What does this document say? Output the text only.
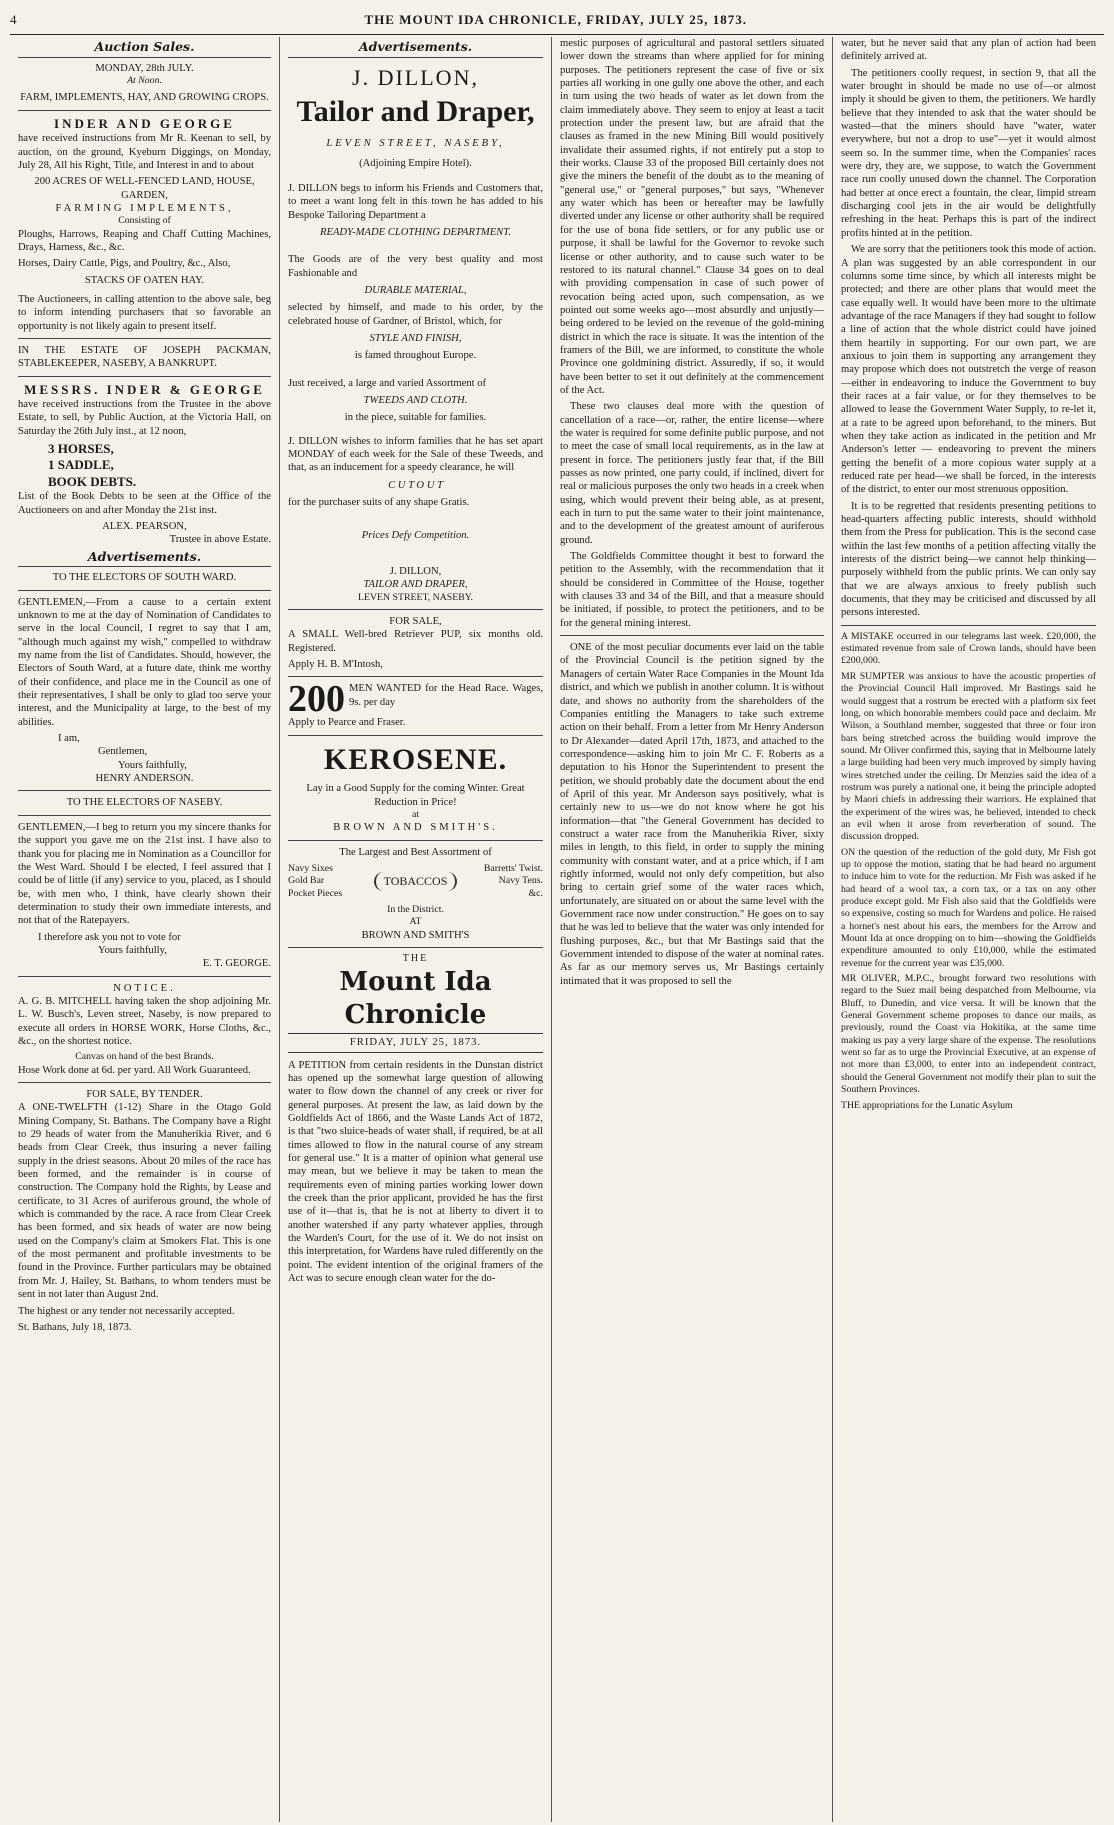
4	THE MOUNT IDA CHRONICLE, FRIDAY, JULY 25, 1873.
Auction Sales.
MONDAY, 28th JULY.
At Noon.
FARM, IMPLEMENTS, HAY, AND GROWING CROPS.
INDER AND GEORGE

have received instructions from Mr R. Keenan to sell, by auction, on the ground, Kyeburn Diggings, on Monday, July 28, All his Right, Title, and Interest in and to about

200 ACRES OF WELL-FENCED LAND, HOUSE, GARDEN,
FARMING IMPLEMENTS,
Consisting of

Ploughs, Harrows, Reaping and Chaff Cutting Machines, Drays, Harness, &c., &c.

Horses, Dairy Cattle, Pigs, and Poultry, &c., Also,

STACKS OF OATEN HAY.

The Auctioneers, in calling attention to the above sale, beg to inform intending purchasers that so favorable an opportunity is not likely again to present itself.

IN THE ESTATE OF JOSEPH PACKMAN, STABLEKEEPER, NASEBY, A BANKRUPT.

MESSRS. INDER & GEORGE

have received instructions from the Trustee in the above Estate, to sell, by Public Auction, at the Victoria Hall, on Saturday the 26th July inst., at 12 noon,

3 HORSES,
1 SADDLE,
BOOK DEBTS.

List of the Book Debts to be seen at the Office of the Auctioneers on and after Monday the 21st inst.

ALEX. PEARSON,
Trustee in above Estate.
Advertisements.
TO THE ELECTORS OF SOUTH WARD.

GENTLEMEN,—From a cause to a certain extent unknown to me at the day of Nomination of Candidates to serve in the local Council, I regret to say that I am, "although much against my wish," compelled to withdraw my name from the list of Candidates. Should, however, the Electors of South Ward, at a future date, think me worthy of their confidence, and place me in the Council as one of their representatives, I shall be only to glad too serve your interest, and the Municipality at large, to the best of my abilities.

I am,
Gentlemen,
Yours faithfully,
HENRY ANDERSON.
TO THE ELECTORS OF NASEBY.

GENTLEMEN,—I beg to return you my sincere thanks for the support you gave me on the 21st inst. I have also to thank you for placing me in Nomination as a Councillor for the West Ward. Should I be elected, I feel assured that I could be of little (if any) service to you, placed, as I should be, with men who, I think, have clearly shown their determination to study their own immediate interests, and not that of the Ratepayers.

I therefore ask you not to vote for
Yours faithfully,
E. T. GEORGE.
NOTICE.

A. G. B. MITCHELL having taken the shop adjoining Mr. L. W. Busch's, Leven street, Naseby, is now prepared to execute all orders in HORSE WORK, Horse Cloths, &c., &c., on the shortest notice.

Canvas on hand of the best Brands.

Hose Work done at 6d. per yard. All Work Guaranteed.

FOR SALE, BY TENDER.

A ONE-TWELFTH (1-12) Share in the Otago Gold Mining Company, St. Bathans. The Company have a Right to 29 heads of water from the Manuherikia River, and 6 heads from Clear Creek, thus insuring a never failing supply in the driest seasons. About 20 miles of the race has been formed, and the remainder is in course of construction. The Company hold the Rights, by Lease and certificate, to 31 Acres of auriferous ground, the whole of which is commanded by the race. A race from Clear Creek has been formed, and six heads of water are now being used on the Company's claim at Smokers Flat. This is one of the most permanent and profitable investments to be found in the Province. Further particulars may be obtained from Mr. J. Hailey, St. Bathans, to whom tenders must be sent in not later than August 2nd.

The highest or any tender not necessarily accepted.

St. Bathans, July 18, 1873.
Advertisements.
J. DILLON,
Tailor and Draper,
LEVEN STREET, NASEBY,
(Adjoining Empire Hotel).

J. DILLON begs to inform his Friends and Customers that, to meet a want long felt in this town he has added to his Bespoke Tailoring Department a

READY-MADE CLOTHING DEPARTMENT.

The Goods are of the very best quality and most Fashionable and

DURABLE MATERIAL,

selected by himself, and made to his order, by the celebrated house of Gardner, of Bristol, which, for

STYLE AND FINISH,
is famed throughout Europe.

Just received, a large and varied Assortment of

TWEEDS AND CLOTH.
in the piece, suitable for families.

J. DILLON wishes to inform families that he has set apart MONDAY of each week for the Sale of these Tweeds, and that, as an inducement for a speedy clearance, he will

C U T O U T

for the purchaser suits of any shape Gratis.

Prices Defy Competition.
J. DILLON,
TAILOR AND DRAPER,
LEVEN STREET, NASEBY.
FOR SALE,

A SMALL Well-bred Retriever PUP, six months old. Registered.

Apply H. B. M'Intosh,
200 MEN WANTED for the Head Race. Wages, 9s. per day

Apply to Pearce and Fraser.
KEROSENE.
Lay in a Good Supply for the coming Winter. Great Reduction in Price!
at
BROWN AND SMITH'S.
The Largest and Best Assortment of
Navy Sixes Gold Bar Pocket Pieces
TOBACCOS
Barretts' Twist. Navy Tens. &c.
In the District.
AT
BROWN AND SMITH'S
THE
Mount Ida Chronicle
FRIDAY, JULY 25, 1873.

A PETITION from certain residents in the Dunstan district has opened up the somewhat large question of allowing water to flow down the channel of any creek or river for general purposes. At present the law, as laid down by the Goldfields Act of 1866, and the Waste Lands Act of 1872, is that "two sluice-heads of water shall, if required, be at all times allowed to flow in the natural course of any stream for general use." It is a matter of opinion what general use may mean, but we believe it may be taken to mean the requirements even of mining parties working lower down the creek than the prior applicant, provided he has the first use of it—that is, that he is not at liberty to divert it to another watershed if any party whatever applies, through the Warden's Court, for the use of it. We do not insist on this interpretation, for Wardens have ruled differently on the point. The evident intention of the original framers of the Act was to secure enough clean water for the do-

mestic purposes of agricultural and pastoral settlers situated lower down the streams than where applied for for mining purposes. The petitioners represent the case of five or six parties all working in one gully one above the other, and each in turn using the two heads of water as let down from the claim immediately above. They seem to enjoy at least a tacit protection under the present law, but are afraid that the clauses as framed in the new Mining Bill would positively invalidate their assumed rights, if not entirely put a stop to their works. Clause 33 of the proposed Bill certainly does not give the miners the benefit of the doubt as to the meaning of "general use," or "general purposes," but says, "Whenever any water which has been or hereafter may be lawfully diverted under any license or other authority shall be required for the use of bona fide settlers, or for any public use or purpose, it shall be lawful for the Governor to revoke such license or other authority, and to cause such water to be restored to its natural channel." Clause 34 goes on to deal with providing compensation in case of such power of revocation being acted upon, such compensation, as we pointed out some weeks ago—most absurdly and unjustly—being ordered to be levied on the revenue of the gold-mining district in which the race is situate. It was the intention of the framers of the Bill, we are informed, to constitute the whole Province one goldmining district. Assuredly, if so, it would have been better to set it out definitely at the commencement of the Act.

These two clauses deal more with the question of cancellation of a race—or, rather, the entire license—where the water is required for some definite public purpose, and not to meet the case of small local requirements, as in the law at present in force. The petitioners justly fear that, if the Bill passes as now printed, one party could, if inclined, divert for real or malicious purposes the only two heads in a creek when using, which would prevent their being able, as at present, each in turn to put the same water to their joint maintenance, and to the development of the greatest amount of auriferous ground.

The Goldfields Committee thought it best to forward the petition to the Assembly, with the recommendation that it should be considered in Committee of the House, together with clauses 33 and 34 of the Bill, and that a measure should be initiated, if possible, to protect the petitioners, and to be for the general mining interest.

ONE of the most peculiar documents ever laid on the table of the Provincial Council is the petition signed by the Managers of certain Water Race Companies in the Mount Ida district, and which we publish in another column. It is without date, and shows no authority from the shareholders of the Companies entitling the Managers to take such extreme action on their behalf. From a letter from Mr Henry Anderson to Dr Alexander—dated April 17th, 1873, and attached to the correspondence—asking him to join Mr C. F. Roberts as a deputation to his Honor the Superintendent to present the petition, we should probably date the document about the end of April of this year. Mr Anderson says positively, what is certainly new to us—we do not know where he got his information—that "the General Government has decided to construct a water race from the Manuherikia River, sixty miles in length, to this field, in order to supply the mining community with constant water, and at a price which, if I am rightly informed, would not only defy competition, but also bring to certain grief some of the water races which, unfortunately, are situated on or about the same level with the Government race now under construction." He goes on to say that he was led to believe that the water was only intended for flushing purposes, &c., but that Mr Bastings said that the Government intended to dispose of the water at nominal rates. As far as our memory serves us, Mr Bastings certainly intimated that it was proposed to sell the

water, but he never said that any plan of action had been definitely arrived at.

The petitioners coolly request, in section 9, that all the water brought in should be made no use of—or almost imply it should be given to them, the petitioners. We hardly believe that they intended to ask that the water should be wasted—that the miners should have "water, water everywhere, but not a drop to use"—yet it would almost seem so. In the summer time, when the Companies' races were dry, they are, we suppose, to watch the Government race run coolly unused down the channel. The Corporation had better at once erect a fountain, the clear, limpid stream discharging cool jets in the air would be delightfully refreshing in the heat. Perhaps this is part of the indirect profits hinted at in the petition.

We are sorry that the petitioners took this mode of action. A plan was suggested by an able correspondent in our columns some time since, by which all interests might be protected; and there are other plans that would meet the case equally well. It would have been more to the ultimate advantage of the race Managers if they had sought to follow a line of action that the whole district could have joined them heartily in supporting. For our own part, we are anxious to join them in supporting any arrangement they may propose which does not outstretch the verge of reason—either in endeavoring to induce the Government to buy their races at a fair value, or for they themselves to be allowed to lease the Government Water Supply, to re-let it, at a rate to be agreed upon beforehand, to the miners. But when they take action as indicated in the petition and Mr Anderson's letter — endeavoring to prevent the miners getting the benefit of a more copious water supply at a reduced rate per head—we shall be forced, in the interests of the district, to enter our most strenuous opposition.

It is to be regretted that residents presenting petitions to head-quarters affecting public interests, should withhold them from the Press for publication. This is the second case within the last few months of a petition affecting vitally the interests of the district being—we cannot help thinking—purposely withheld from the public prints. We can only say that we are always anxious to freely publish such documents, that they may be criticised and discussed by all persons interested.

A MISTAKE occurred in our telegrams last week. £20,000, the estimated revenue from sale of Crown lands, should have been £200,000.

MR SUMPTER was anxious to have the acoustic properties of the Provincial Council Hall improved. Mr Bastings said he would suggest that a rostrum be erected with a platform six feet long, on which honorable members could pace and declaim. Mr Wilson, a Southland member, suggested that three or four iron bars being stretched across the building would improve the sound. Mr Oliver confirmed this, saying that in Melbourne lately a large building had been very much improved by simply having wires stretched under the ceiling. Dr Menzies said the idea of a rostrum was purely a national one, it being the principle adopted by Maori chiefs in addressing their warriors. He explained that the experiment of the wires was, he believed, intended to check an evil when it arose from reverberation of sound. The discussion dropped.

ON the question of the reduction of the gold duty, Mr Fish got up to oppose the motion, stating that he had heard no argument to induce him to vote for the reduction. Mr Fish was asked if he had heard of a wool tax, a corn tax, or a tax on any other produce except gold. Mr Fish also said that the Goldfields were so expensive, costing so much for Wardens and police. He raised a hornet's nest about his ears, the members for the Arrow and Mount Ida at once dropping on to him—showing the Goldfields expenditure amounted to only £10,000, while the estimated revenue for the current year was £35,000.

MR OLIVER, M.P.C., brought forward two resolutions with regard to the Suez mail being despatched from Melbourne, via Bluff, to Dunedin, and vice versa. It will be known that the General Government scheme proposes to dance our mails, as previously, round the Coast via Hokitika, at the same time making us pay a very large share of the expense. The resolutions went so far as to urge the Provincial Executive, at an expense of not more than £3,000, to enter into an independent contract, should the General Government not modify their plan to suit the Southern Provinces.

THE appropriations for the Lunatic Asylum
